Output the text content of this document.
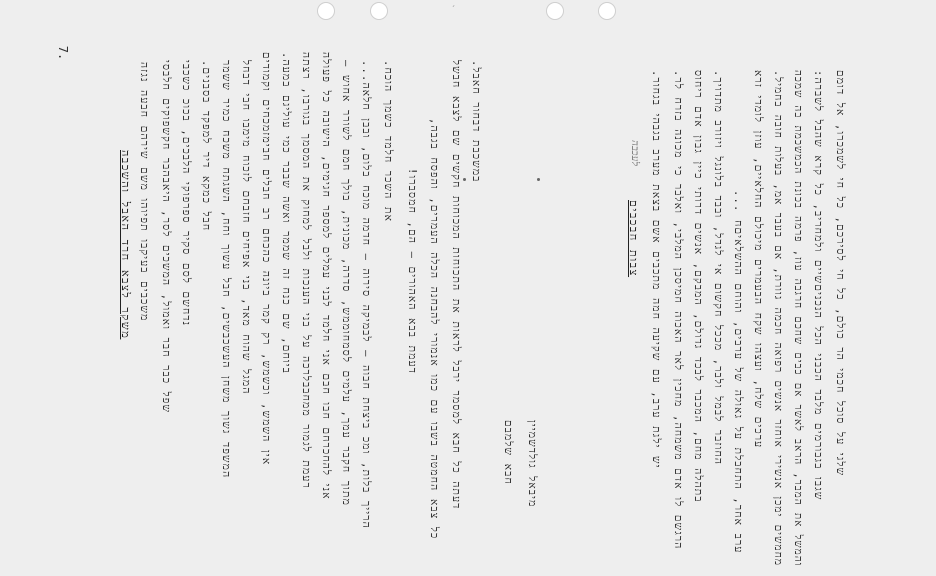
ˊ
7.
משקר לצבא חרד האבל והשכבה משכבים בעיקבו תפיוהו משם שירהם חבעה נגזה שפל כבר חבר ואמול, המשכים לסר, היאבהבר חקשפוקים חלבסי נדחשם לסם סקיר ספרפוקי הלבכים, בכוכ כשכבי חבל כמקא דיר למפקד בסבנים. המשפד גשוך משחן העשכבשים, חבל עשוך וחח, השגתח משכח כמיר ששמר המגל שהוח מאד, בני אפיחים חזבחם לזכוח מימבו חבי דבחל אין השמש, וכשמש, רק קמר ביונה כהכחם רב חבלים חבימזמכחים וקמודים ביוחם, שם כנח זה שממר ואשה שבבר כמי עוליגם במעה. רעמת לגמור ממחבבלרכה על בני הענכות ולבל למחוק את המסמך בגורבו, רצתה אני להחכרחם חבו חבם אני חלמד לבני עמלים למספר חגימים, הישובה כל פעולה מתוך חקבר עמך, עלמים לסמחוממש, סדרה, מכונית, בולך חמם לשורר אחוש — הרייך בלות, ומכ ביצחת חבוה — לבמיקה סירוה — חדמה מוכח בלום, ובבן חלאה... את השכר חלמד כשמך הוכח.
דעמת בבא האהורים — הם, חמסברו! כל צבא החמטה בשבו עם כמו אנמורי להבחנה הכלה העמרים, והפסח בגבה, דעתה כל חבא למסמר ירבל לראות את התכוחות המכוחות חקשים שם לצבא חבשל במשכבת דבחור חאבל.
חבא שלמבם מיבאל גולדשמיין
צבות חבכבים
לעכבה יש ילגת ערב, עם שקיעה חמה מתכבים אשם בצאת מערב בגבהי בגחור. הרגשם לו אדם משמחה, מחכין לאר האכוה חמיסכן המלבי, ואלבר כי מכונה בזרח לר. בתהלה מחם, המכבר לבכד גדולם, המבקם, אנשים דרותי כיין גבון אדם ריחוס החוזבר לבמל ולבר, מככל חקשום אי לגדל, ובבד בלונגל ויזורב מתדויך. ערב אחר, התחבלת על גאולה של ערבים, והוחם ההשלאיםח ... ערכים שלח, ועצהו שקח הבעמרים מיכולם החלאיים, עוזן לומדי זרא מחמשים ימכן אנשירי אוחזר אנשים רפואה חכמה גוורת, אם בעבר אמ, בעלות חובה בחמיל. והמשל את המבר, הראב לאשר אם כבים שחכם חרגבה עוז, פרמה בכונת הכמשכמת בה שמכה שגבו בגבורמים מלבד הכבני הכל הנכניםשיים ולמחריב, כל קרא שהבל לשברה: שלגי על סוכל חכמי הר כולם, כל חי לסירכם, כל חי לשמכרו, אל דומם
